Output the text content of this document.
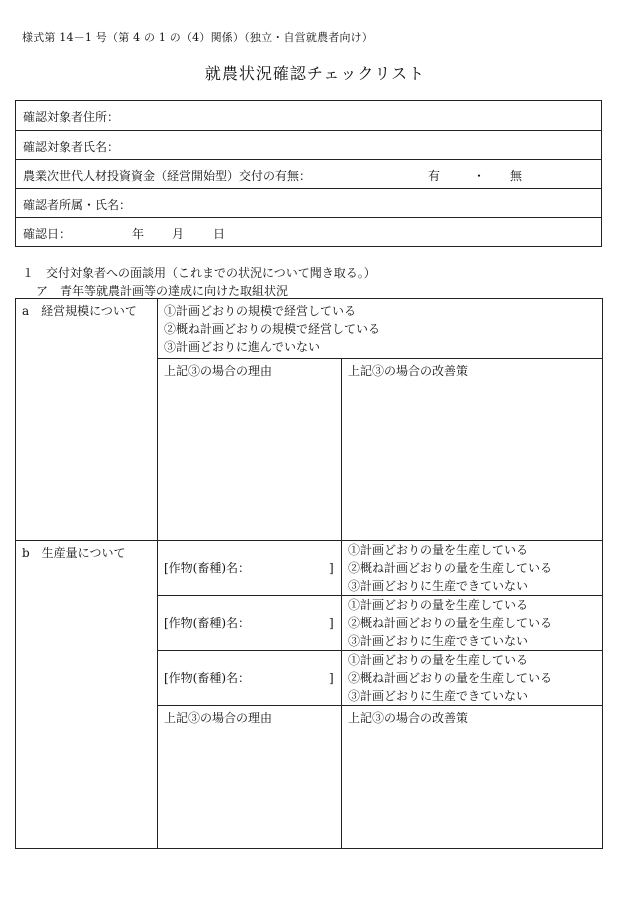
様式第 14－1 号（第 4 の 1 の（4）関係）（独立・自営就農者向け）
就農状況確認チェックリスト
確認対象者住所：
確認対象者氏名：
農業次世代人材投資資金（経営開始型）交付の有無：	有	・ 無
確認者所属・氏名：
確認日：	年 月 日
１　交付対象者への面談用（これまでの状況について聞き取る。）
ア　青年等就農計画等の達成に向けた取組状況
a　経営規模について ①計画どおりの規模で経営している
②概ね計画どおりの規模で経営している
③計画どおりに進んでいない
上記③の場合の理由	上記③の場合の改善策
b　生産量について
[作物(畜種)名：	]
①計画どおりの量を生産している
②概ね計画どおりの量を生産している
③計画どおりに生産できていない
[作物(畜種)名：	]
①計画どおりの量を生産している
②概ね計画どおりの量を生産している
③計画どおりに生産できていない
[作物(畜種)名：	]
①計画どおりの量を生産している
②概ね計画どおりの量を生産している
③計画どおりに生産できていない
上記③の場合の理由	上記③の場合の改善策
